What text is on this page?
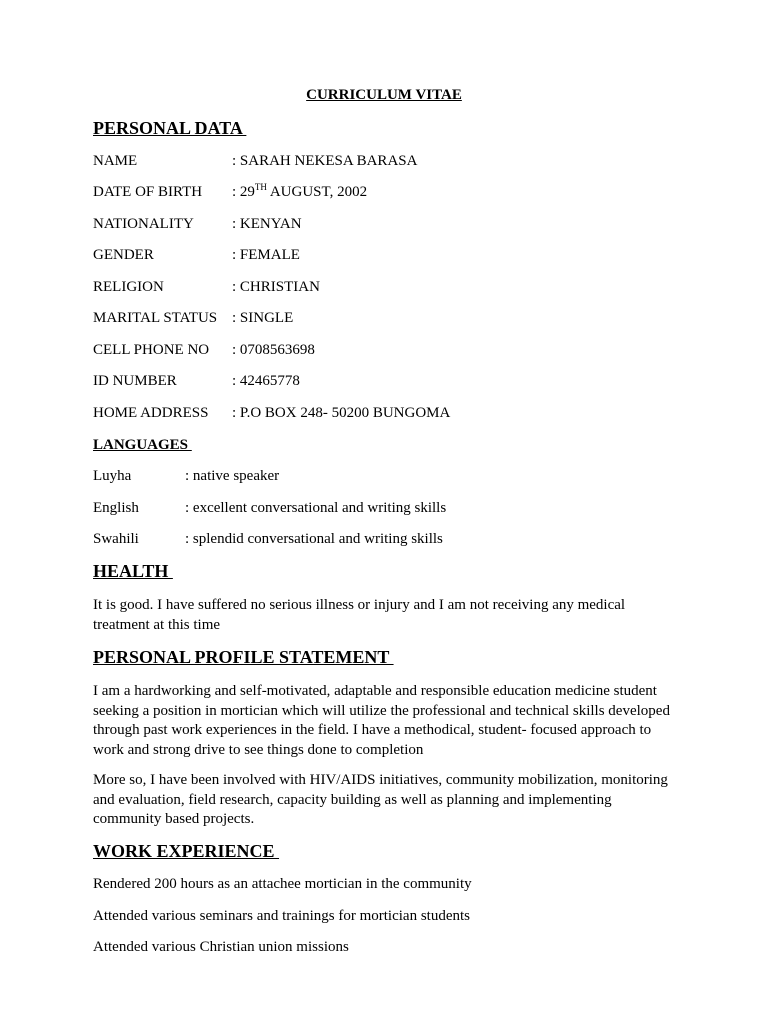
CURRICULUM VITAE
PERSONAL DATA
NAME	: SARAH NEKESA BARASA
DATE OF BIRTH : 29TH AUGUST, 2002
NATIONALITY	: KENYAN
GENDER	: FEMALE
RELIGION	: CHRISTIAN
MARITAL STATUS : SINGLE
CELL PHONE NO : 0708563698
ID NUMBER	: 42465778
HOME ADDRESS : P.O BOX 248- 50200 BUNGOMA
LANGUAGES
Luyha	: native speaker
English	: excellent conversational and writing skills
Swahili	: splendid conversational and writing skills
HEALTH
It is good. I have suffered no serious illness or injury and I am not receiving any medical treatment at this time
PERSONAL PROFILE STATEMENT
I am a hardworking and self-motivated, adaptable and responsible education medicine student seeking a position in mortician which will utilize the professional and technical skills developed through past work experiences in the field. I have a methodical, student- focused approach to work and strong drive to see things done to completion
More so, I have been involved with HIV/AIDS initiatives, community mobilization, monitoring and evaluation, field research, capacity building as well as planning and implementing community based projects.
WORK EXPERIENCE
Rendered 200 hours as an attachee mortician in the community
Attended various seminars and trainings for mortician students
Attended various Christian union missions
